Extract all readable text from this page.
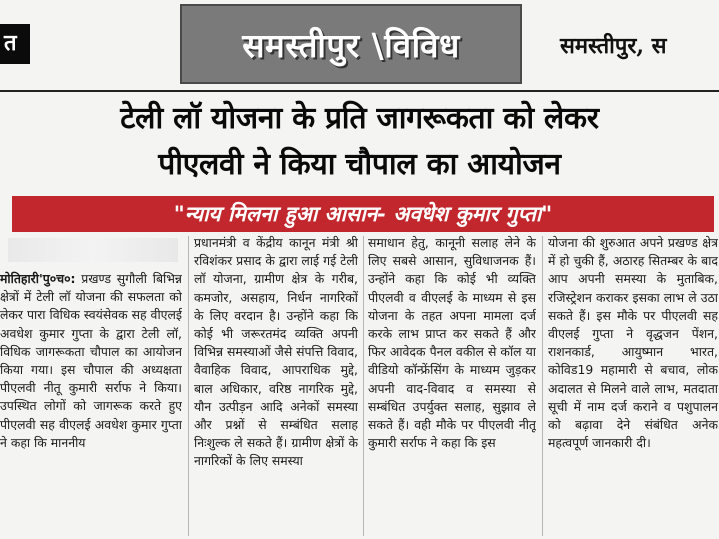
त	समस्तीपुर \विविध	समस्तीपुर, स
टेली लॉ योजना के प्रति जागरूकता को लेकर
पीएलवी ने किया चौपाल का आयोजन
"न्याय मिलना हुआ आसान- अवधेश कुमार गुप्ता"

मोतिहारी'पु०च०: प्रखण्ड सुगौली बिभिन्न क्षेत्रों में टेली लॉ योजना की सफलता को लेकर पारा विधिक स्वयंसेवक सह वीएलई अवधेश कुमार गुप्ता के द्वारा टेली लॉ, विधिक जागरूकता चौपाल का आयोजन किया गया। इस चौपाल की अध्यक्षता पीएलवी नीतू कुमारी सर्राफ ने किया। उपस्थित लोगों को जागरूक करते हुए पीएलवी सह वीएलई अवधेश कुमार गुप्ता ने कहा कि माननीय

प्रधानमंत्री व केंद्रीय कानून मंत्री श्री रविशंकर प्रसाद के द्वारा लाई गई टेली लॉ योजना, ग्रामीण क्षेत्र के गरीब, कमजोर, असहाय, निर्धन नागरिकों के लिए वरदान है। उन्होंने कहा कि कोई भी जरूरतमंद व्यक्ति अपनी विभिन्न समस्याओं जैसे संपत्ति विवाद, वैवाहिक विवाद, आपराधिक मुद्दे, बाल अधिकार, वरिष्ठ नागरिक मुद्दे, यौन उत्पीड़न आदि अनेकों समस्या और प्रश्नों से सम्बंधित सलाह निःशुल्क ले सकते हैं। ग्रामीण क्षेत्रों के नागरिकों के लिए समस्या

समाधान हेतु, कानूनी सलाह लेने के लिए सबसे आसान, सुविधाजनक हैं। उन्होंने कहा कि कोई भी व्यक्ति पीएलवी व वीएलई के माध्यम से इस योजना के तहत अपना मामला दर्ज करके लाभ प्राप्त कर सकते हैं और फिर आवेदक पैनल वकील से कॉल या वीडियो कॉन्फ्रेंसिंग के माध्यम जुड़कर अपनी वाद-विवाद व समस्या से सम्बंधित उपर्युक्त सलाह, सुझाव ले सकते हैं। वही मौके पर पीएलवी नीतू कुमारी सर्राफ ने कहा कि इस

योजना की शुरुआत अपने प्रखण्ड क्षेत्र में हो चुकी हैं, अठारह सितम्बर के बाद आप अपनी समस्या के मुताबिक, रजिस्ट्रेशन कराकर इसका लाभ ले उठा सकते हैं। इस मौके पर पीएलवी सह वीएलई गुप्ता ने वृद्धजन पेंशन, राशनकार्ड, आयुष्मान भारत, कोविड19 महामारी से बचाव, लोक अदालत से मिलने वाले लाभ, मतदाता सूची में नाम दर्ज कराने व पशुपालन को बढ़ावा देने संबंधित अनेक महत्वपूर्ण जानकारी दी।
